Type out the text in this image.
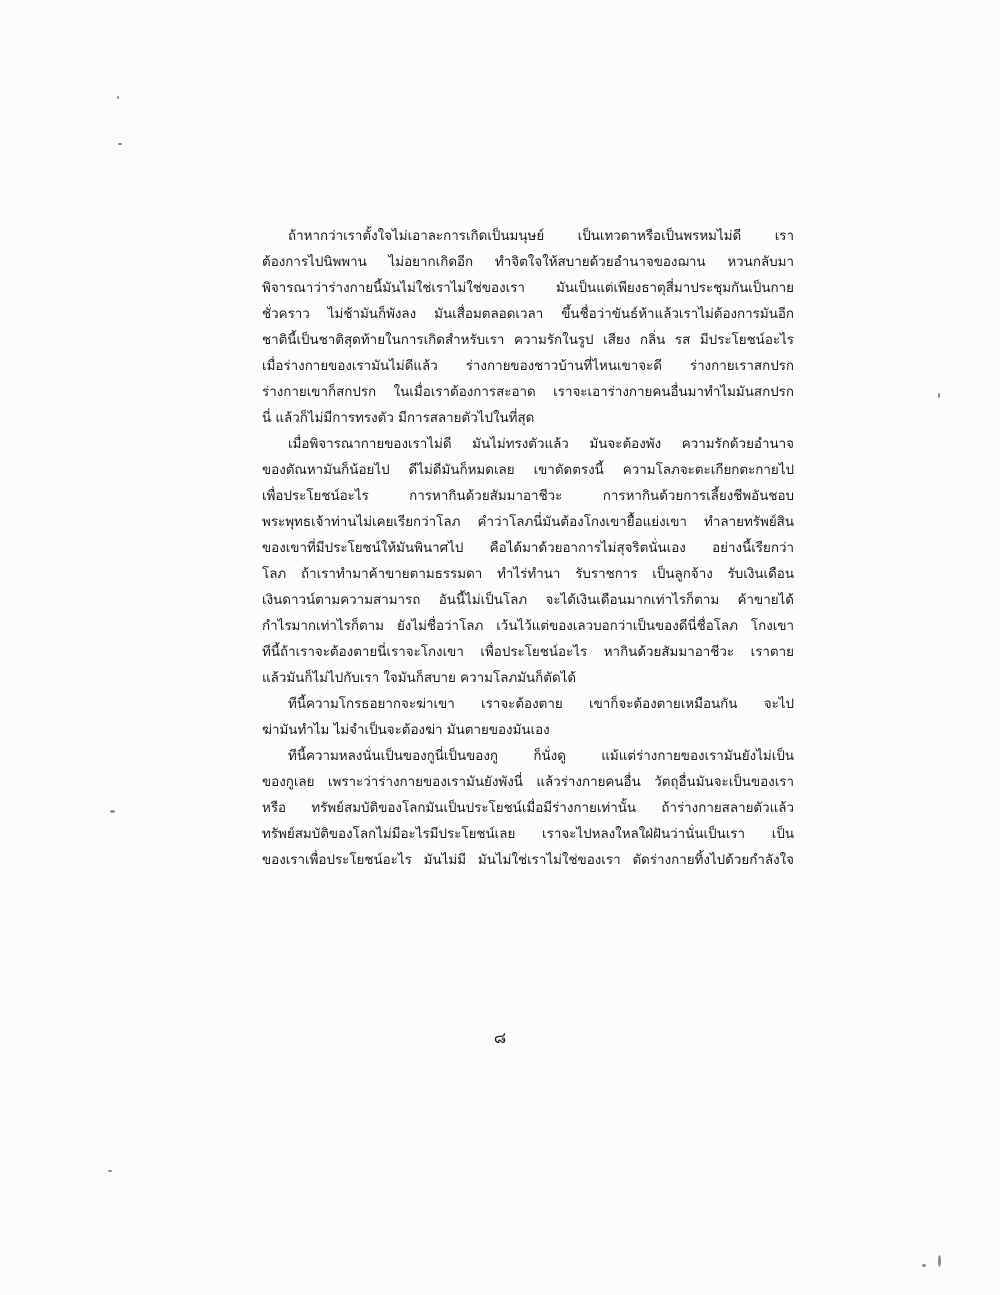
ถ้าหากว่าเราตั้งใจไม่เอาละการเกิดเป็นมนุษย์ เป็นเทวดาหรือเป็นพรหมไม่ดี เรา
ต้องการไปนิพพาน ไม่อยากเกิดอีก ทำจิตใจให้สบายด้วยอำนาจของฌาน หวนกลับมา
พิจารณาว่าร่างกายนี้มันไม่ใช่เราไม่ใช่ของเรา มันเป็นแต่เพียงธาตุสี่มาประชุมกันเป็นกาย
ชั่วคราว ไม่ช้ามันก็พังลง มันเสื่อมตลอดเวลา ขึ้นชื่อว่าขันธ์ห้าแล้วเราไม่ต้องการมันอีก
ชาตินี้เป็นชาติสุดท้ายในการเกิดสำหรับเรา ความรักในรูป เสียง กลิ่น รส มีประโยชน์อะไร
เมื่อร่างกายของเรามันไม่ดีแล้ว ร่างกายของชาวบ้านที่ไหนเขาจะดี ร่างกายเราสกปรก
ร่างกายเขาก็สกปรก ในเมื่อเราต้องการสะอาด เราจะเอาร่างกายคนอื่นมาทำไมมันสกปรก
นี่ แล้วก็ไม่มีการทรงตัว มีการสลายตัวไปในที่สุด
เมื่อพิจารณากายของเราไม่ดี มันไม่ทรงตัวแล้ว มันจะต้องพัง ความรักด้วยอำนาจ
ของตัณหามันก็น้อยไป ดีไม่ดีมันก็หมดเลย เขาตัดตรงนี้ ความโลภจะตะเกียกตะกายไป
เพื่อประโยชน์อะไร การหากินด้วยสัมมาอาชีวะ การหากินด้วยการเลี้ยงชีพอันชอบ
พระพุทธเจ้าท่านไม่เคยเรียกว่าโลภ คำว่าโลภนี่มันต้องโกงเขายื้อแย่งเขา ทำลายทรัพย์สิน
ของเขาที่มีประโยชน์ให้มันพินาศไป คือได้มาด้วยอาการไม่สุจริตนั่นเอง อย่างนี้เรียกว่า
โลภ ถ้าเราทำมาค้าขายตามธรรมดา ทำไร่ทำนา รับราชการ เป็นลูกจ้าง รับเงินเดือน
เงินดาวน์ตามความสามารถ อันนี้ไม่เป็นโลภ จะได้เงินเดือนมากเท่าไรก็ตาม ค้าขายได้
กำไรมากเท่าไรก็ตาม ยังไม่ชื่อว่าโลภ เว้นไว้แต่ของเลวบอกว่าเป็นของดีนี่ชื่อโลภ โกงเขา
ทีนี้ถ้าเราจะต้องตายนี่เราจะโกงเขา เพื่อประโยชน์อะไร หากินด้วยสัมมาอาชีวะ เราตาย
แล้วมันก็ไม่ไปกับเรา ใจมันก็สบาย ความโลภมันก็ตัดได้
ทีนี้ความโกรธอยากจะฆ่าเขา เราจะต้องตาย เขาก็จะต้องตายเหมือนกัน จะไป
ฆ่ามันทำไม ไม่จำเป็นจะต้องฆ่า มันตายของมันเอง
ทีนี้ความหลงนั่นเป็นของกูนี่เป็นของกู ก็นั่งดู แม้แต่ร่างกายของเรามันยังไม่เป็น
ของกูเลย เพราะว่าร่างกายของเรามันยังพังนี่ แล้วร่างกายคนอื่น วัตถุอื่นมันจะเป็นของเรา
หรือ ทรัพย์สมบัติของโลกมันเป็นประโยชน์เมื่อมีร่างกายเท่านั้น ถ้าร่างกายสลายตัวแล้ว
ทรัพย์สมบัติของโลกไม่มีอะไรมีประโยชน์เลย เราจะไปหลงใหลใฝ่ฝันว่านั่นเป็นเรา เป็น
ของเราเพื่อประโยชน์อะไร มันไม่มี มันไม่ใช่เราไม่ใช่ของเรา ตัดร่างกายทิ้งไปด้วยกำลังใจ
๘
